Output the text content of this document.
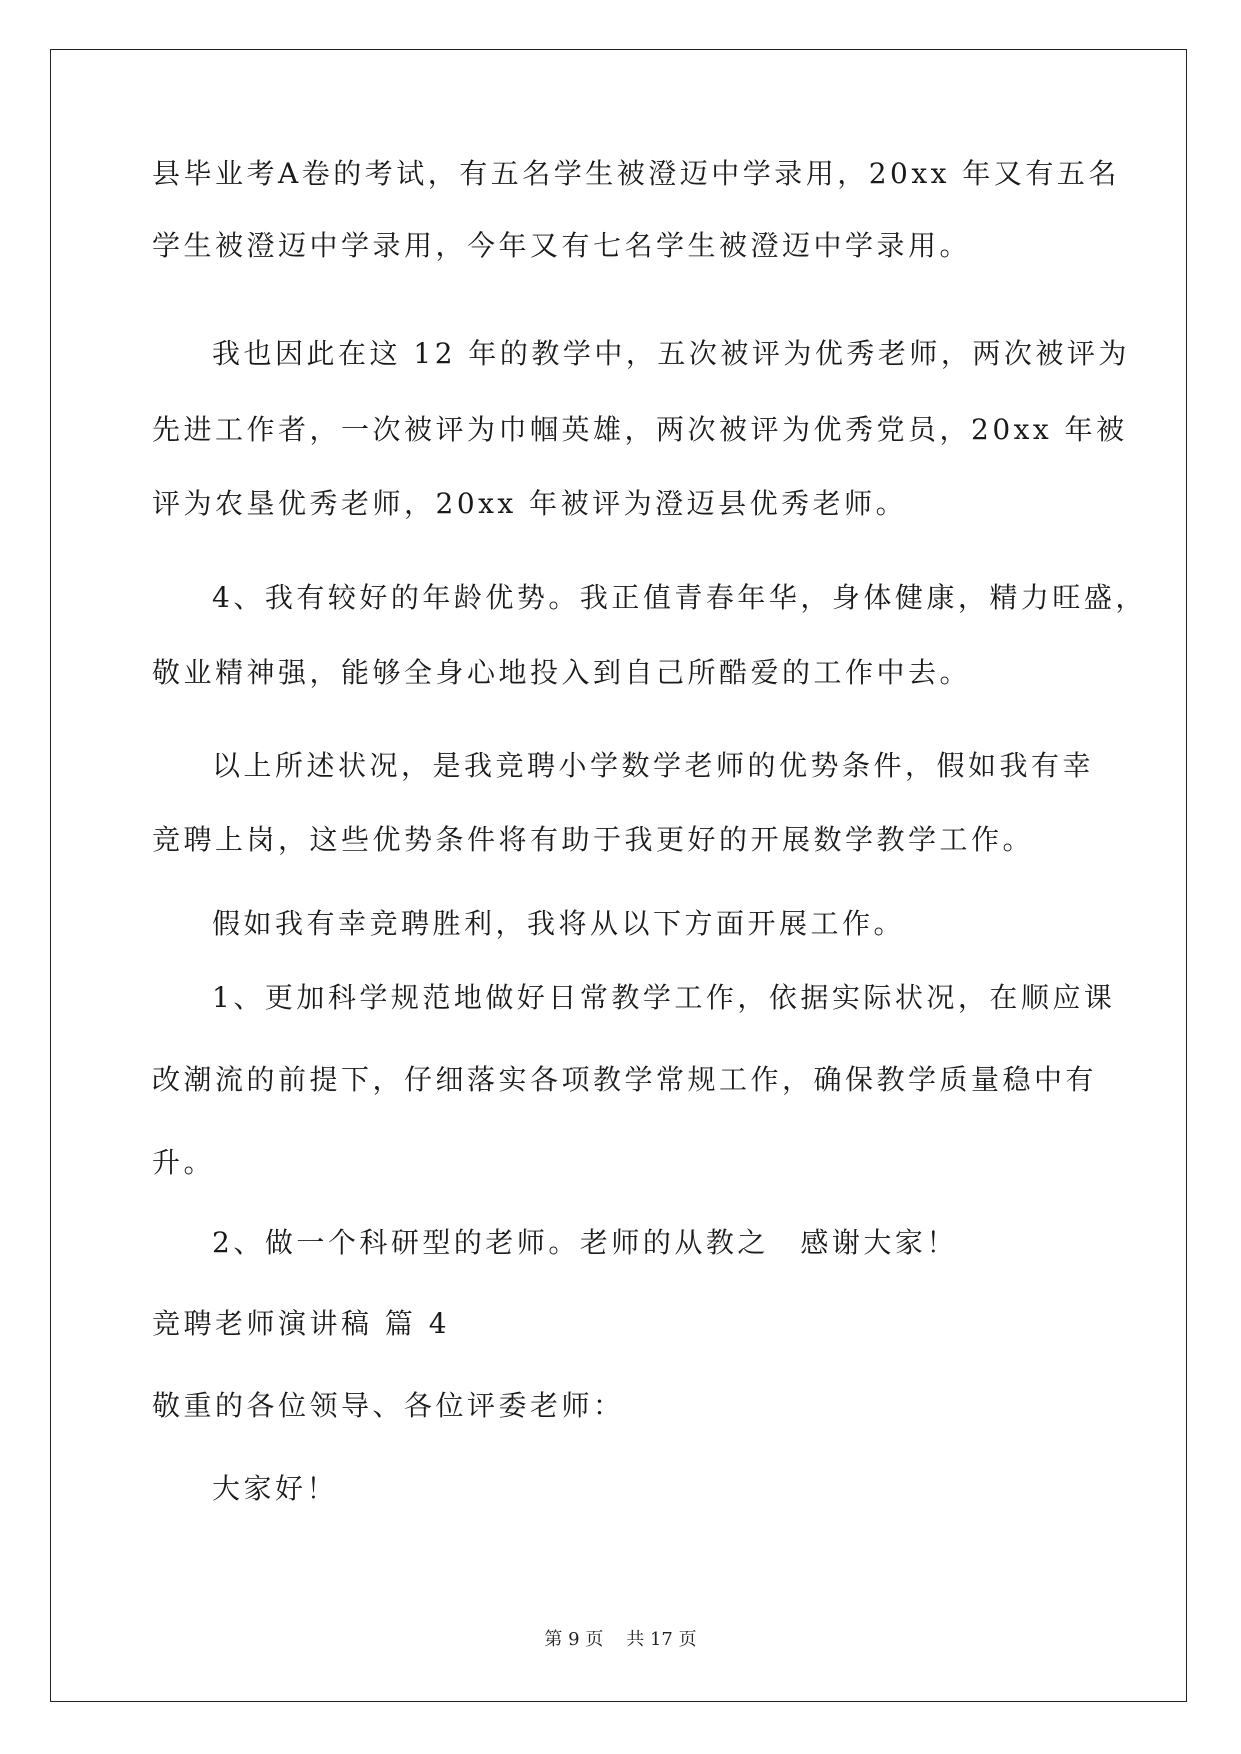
县毕业考A卷的考试，有五名学生被澄迈中学录用，20xx 年又有五名

学生被澄迈中学录用，今年又有七名学生被澄迈中学录用。

我也因此在这 12 年的教学中，五次被评为优秀老师，两次被评为

先进工作者，一次被评为巾帼英雄，两次被评为优秀党员，20xx 年被

评为农垦优秀老师，20xx 年被评为澄迈县优秀老师。

4、我有较好的年龄优势。我正值青春年华，身体健康，精力旺盛，

敬业精神强，能够全身心地投入到自己所酷爱的工作中去。

以上所述状况，是我竞聘小学数学老师的优势条件，假如我有幸

竞聘上岗，这些优势条件将有助于我更好的开展数学教学工作。

假如我有幸竞聘胜利，我将从以下方面开展工作。

1、更加科学规范地做好日常教学工作，依据实际状况，在顺应课

改潮流的前提下，仔细落实各项教学常规工作，确保教学质量稳中有

升。

2、做一个科研型的老师。老师的从教之　感谢大家！

竞聘老师演讲稿 篇 4

敬重的各位领导、各位评委老师：

大家好！

第 9 页 共 17 页
